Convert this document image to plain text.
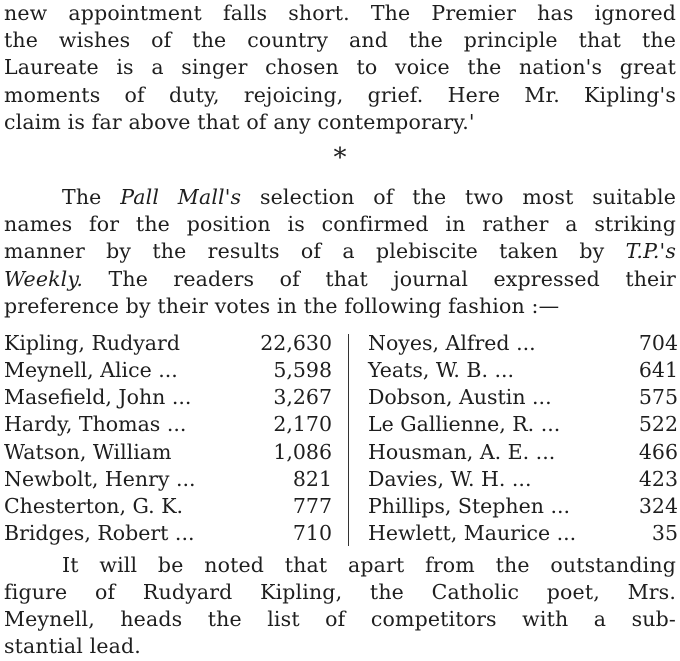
new appointment falls short. The Premier has ignored
the wishes of the country and the principle that the
Laureate is a singer chosen to voice the nation's great
moments of duty, rejoicing, grief. Here Mr. Kipling's
claim is far above that of any contemporary.'
*
The Pall Mall's selection of the two most suitable
names for the position is confirmed in rather a striking
manner by the results of a plebiscite taken by T.P.'s
Weekly. The readers of that journal expressed their
preference by their votes in the following fashion :—
Kipling, Rudyard	22,630
Meynell, Alice ...	5,598
Masefield, John ...	3,267
Hardy, Thomas ...	2,170
Watson, William	1,086
Newbolt, Henry ...	821
Chesterton, G. K.	777
Bridges, Robert ...	710
Noyes, Alfred ...	704
Yeats, W. B. ...	641
Dobson, Austin ...	575
Le Gallienne, R. ...	522
Housman, A. E. ...	466
Davies, W. H. ...	423
Phillips, Stephen ...	324
Hewlett, Maurice ...	35
It will be noted that apart from the outstanding
figure of Rudyard Kipling, the Catholic poet, Mrs.
Meynell, heads the list of competitors with a sub-
stantial lead.
